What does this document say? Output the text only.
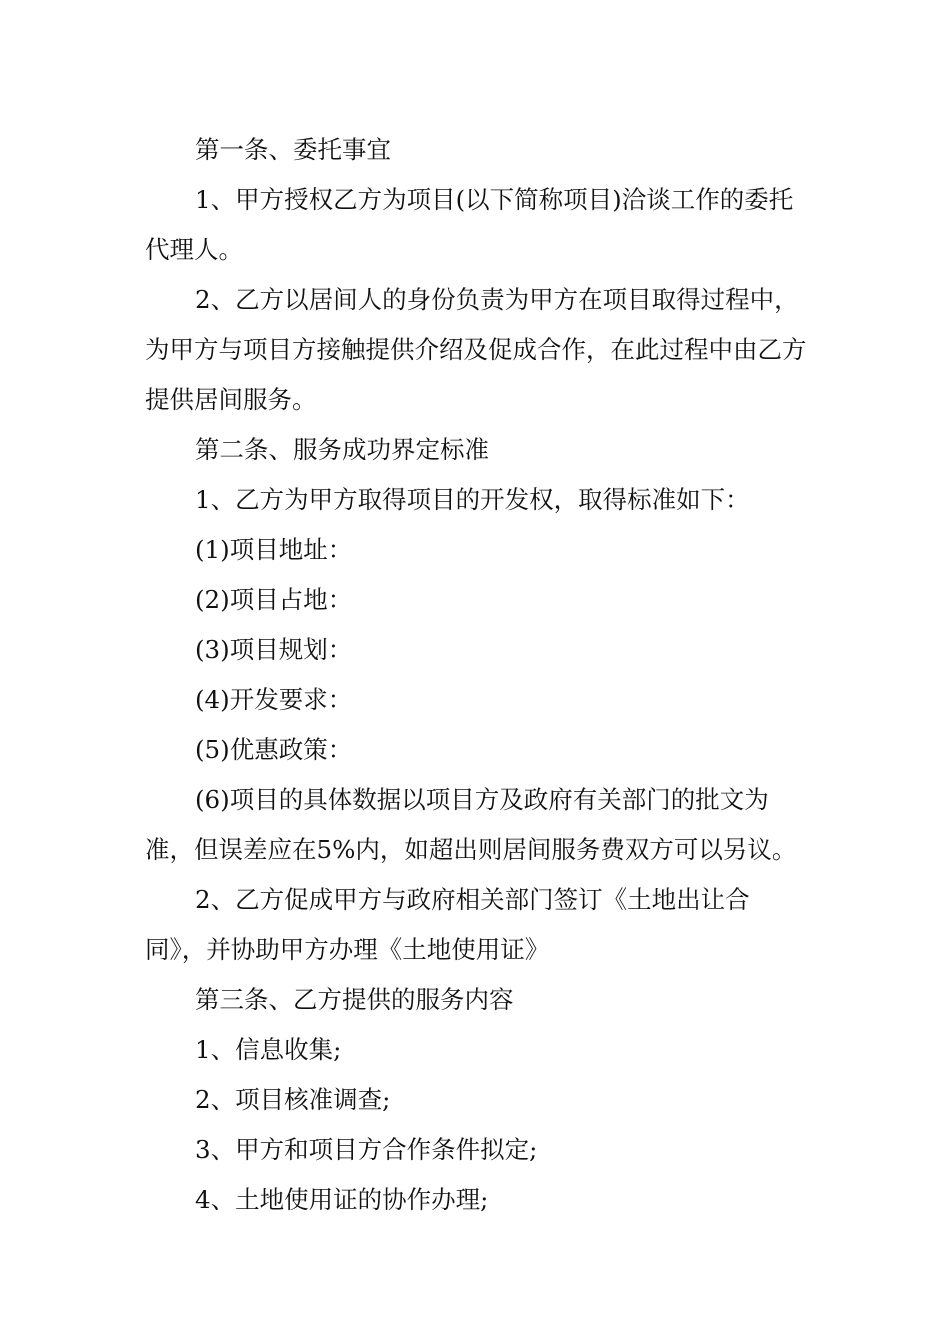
第一条、委托事宜

1、甲方授权乙方为项目(以下简称项目)洽谈工作的委托代理人。

2、乙方以居间人的身份负责为甲方在项目取得过程中，为甲方与项目方接触提供介绍及促成合作，在此过程中由乙方提供居间服务。

第二条、服务成功界定标准

1、乙方为甲方取得项目的开发权，取得标准如下：

(1)项目地址：

(2)项目占地：

(3)项目规划：

(4)开发要求：

(5)优惠政策：

(6)项目的具体数据以项目方及政府有关部门的批文为准，但误差应在5%内，如超出则居间服务费双方可以另议。

2、乙方促成甲方与政府相关部门签订《土地出让合同》，并协助甲方办理《土地使用证》

第三条、乙方提供的服务内容

1、信息收集;

2、项目核准调查;

3、甲方和项目方合作条件拟定;

4、土地使用证的协作办理;
